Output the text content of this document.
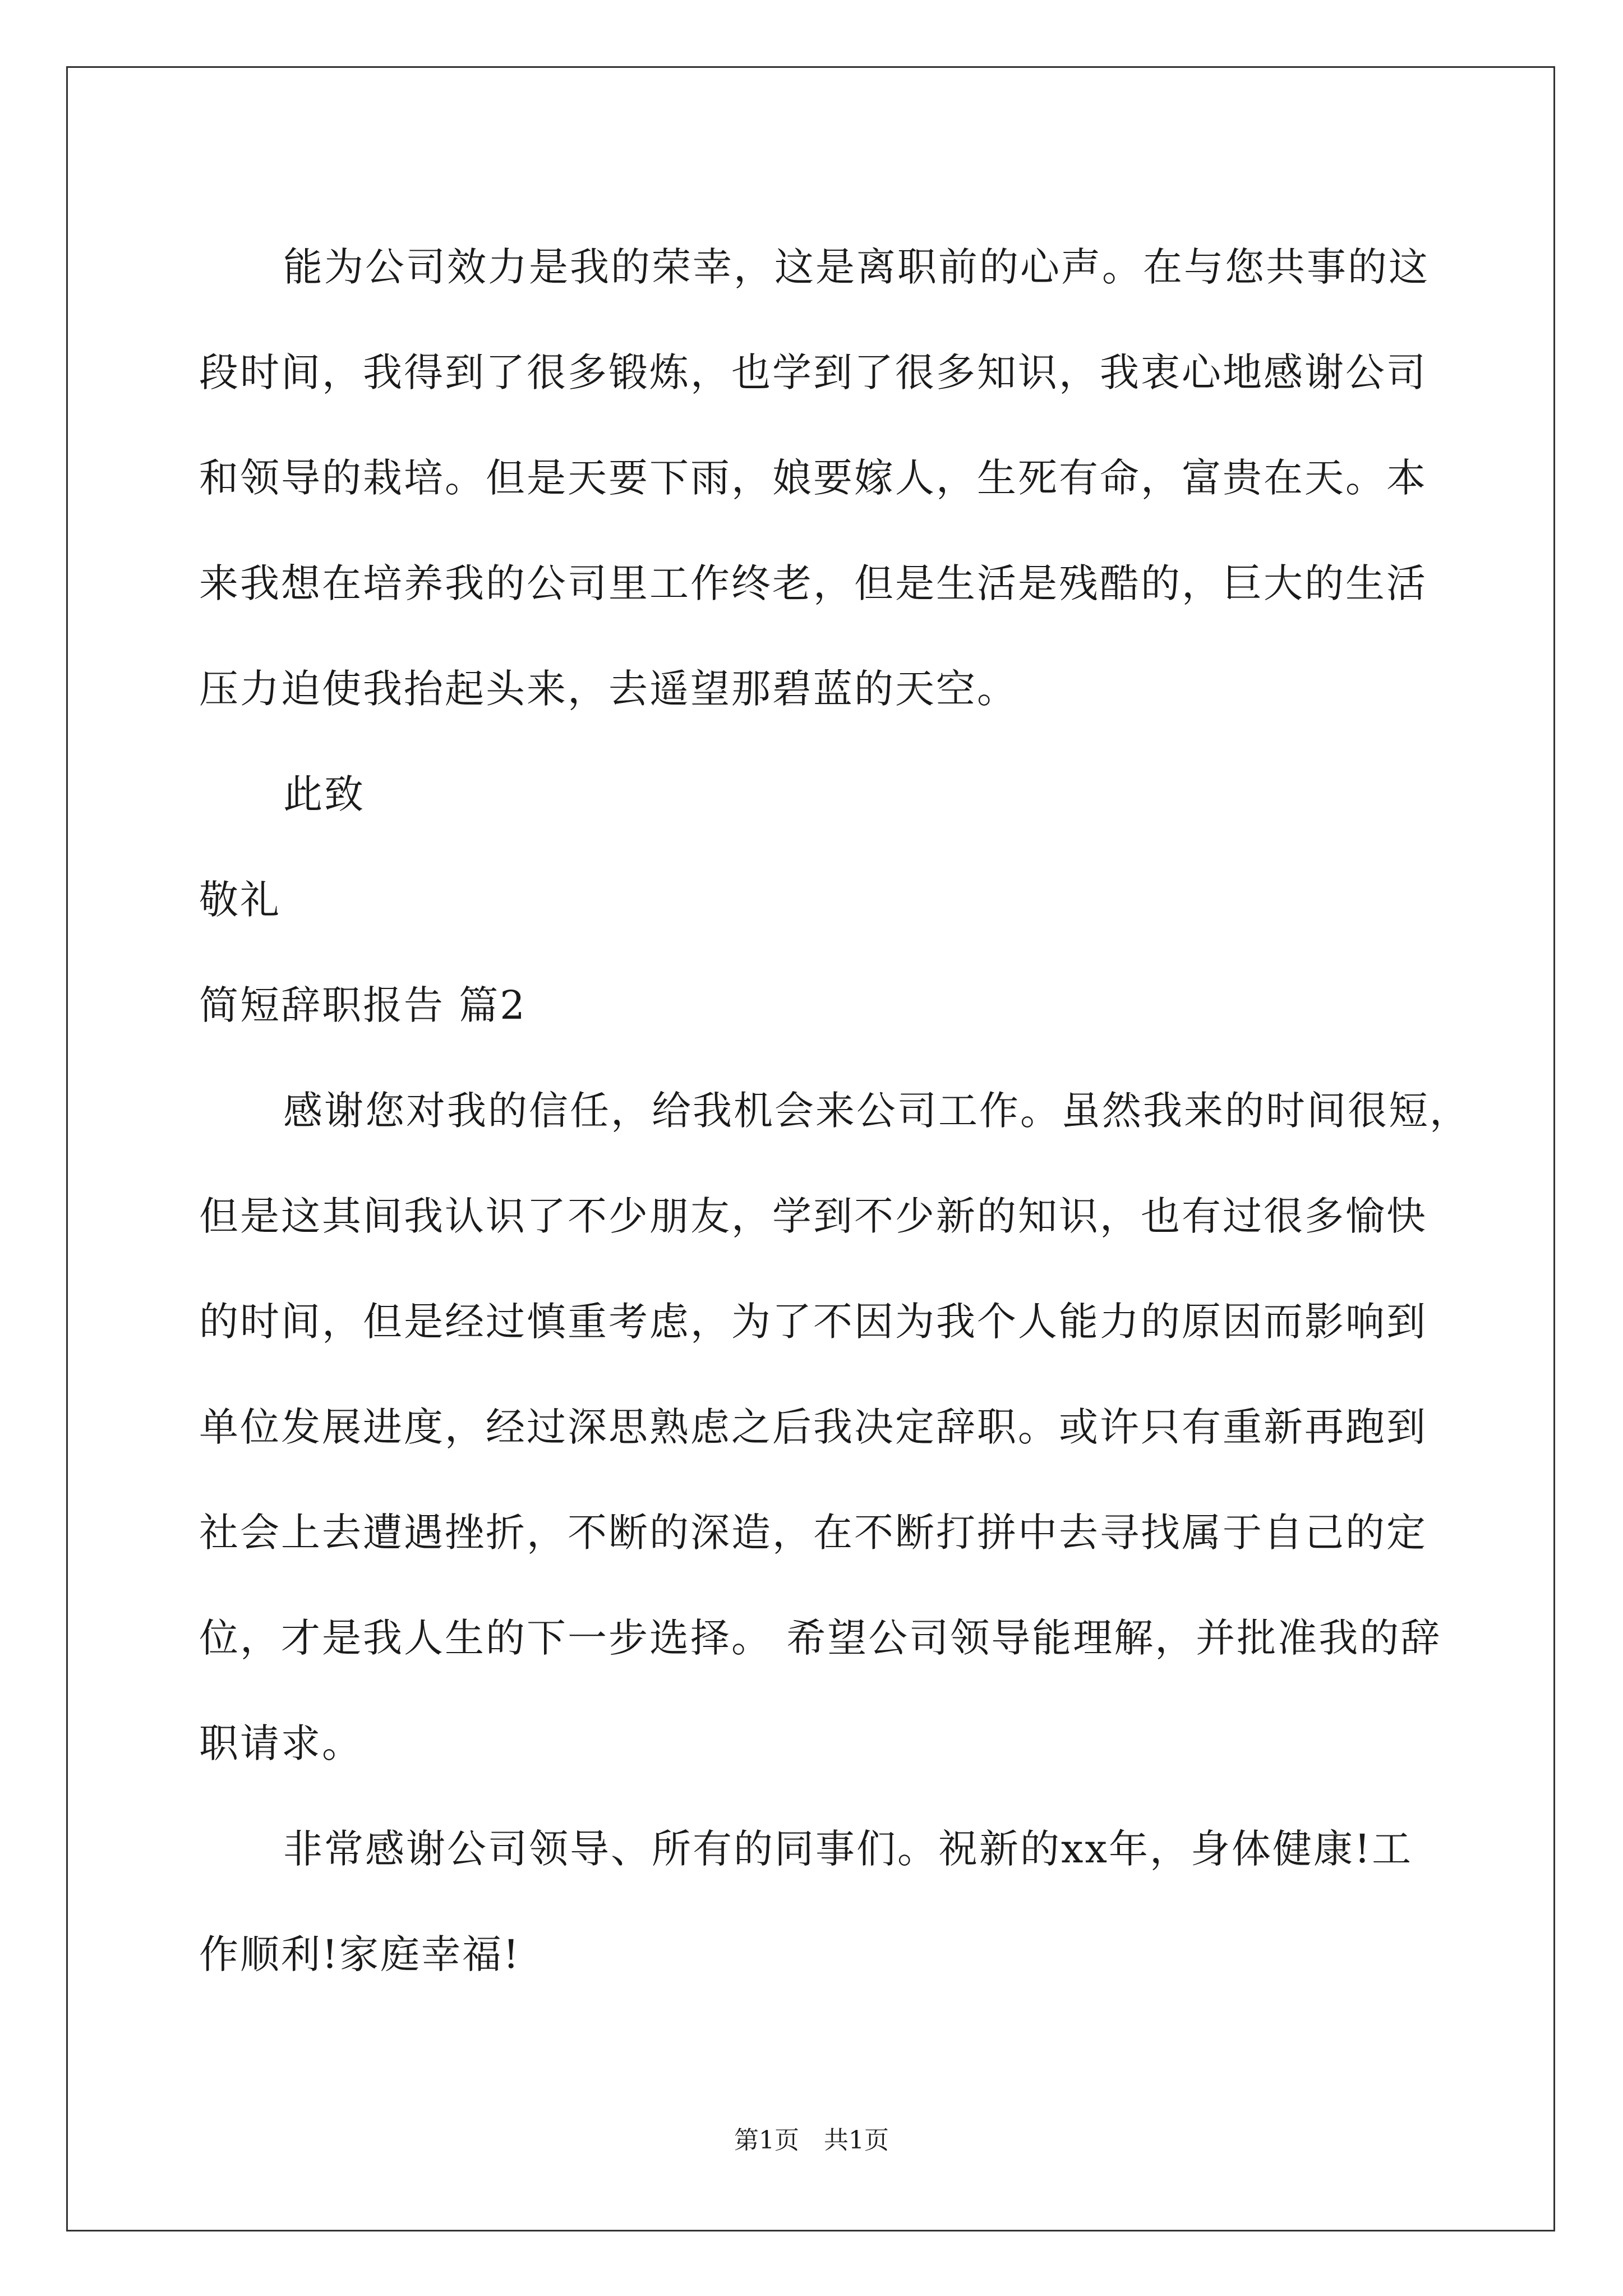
能为公司效力是我的荣幸，这是离职前的心声。在与您共事的这
段时间，我得到了很多锻炼，也学到了很多知识，我衷心地感谢公司
和领导的栽培。但是天要下雨，娘要嫁人，生死有命，富贵在天。本
来我想在培养我的公司里工作终老，但是生活是残酷的，巨大的生活
压力迫使我抬起头来，去遥望那碧蓝的天空。
此致
敬礼
简短辞职报告 篇2
感谢您对我的信任，给我机会来公司工作。虽然我来的时间很短，
但是这其间我认识了不少朋友，学到不少新的知识，也有过很多愉快
的时间，但是经过慎重考虑，为了不因为我个人能力的原因而影响到
单位发展进度，经过深思熟虑之后我决定辞职。或许只有重新再跑到
社会上去遭遇挫折，不断的深造，在不断打拼中去寻找属于自己的定
位，才是我人生的下一步选择。 希望公司领导能理解，并批准我的辞
职请求。
非常感谢公司领导、所有的同事们。祝新的xx年，身体健康!工
作顺利!家庭幸福!
第1页　共1页
